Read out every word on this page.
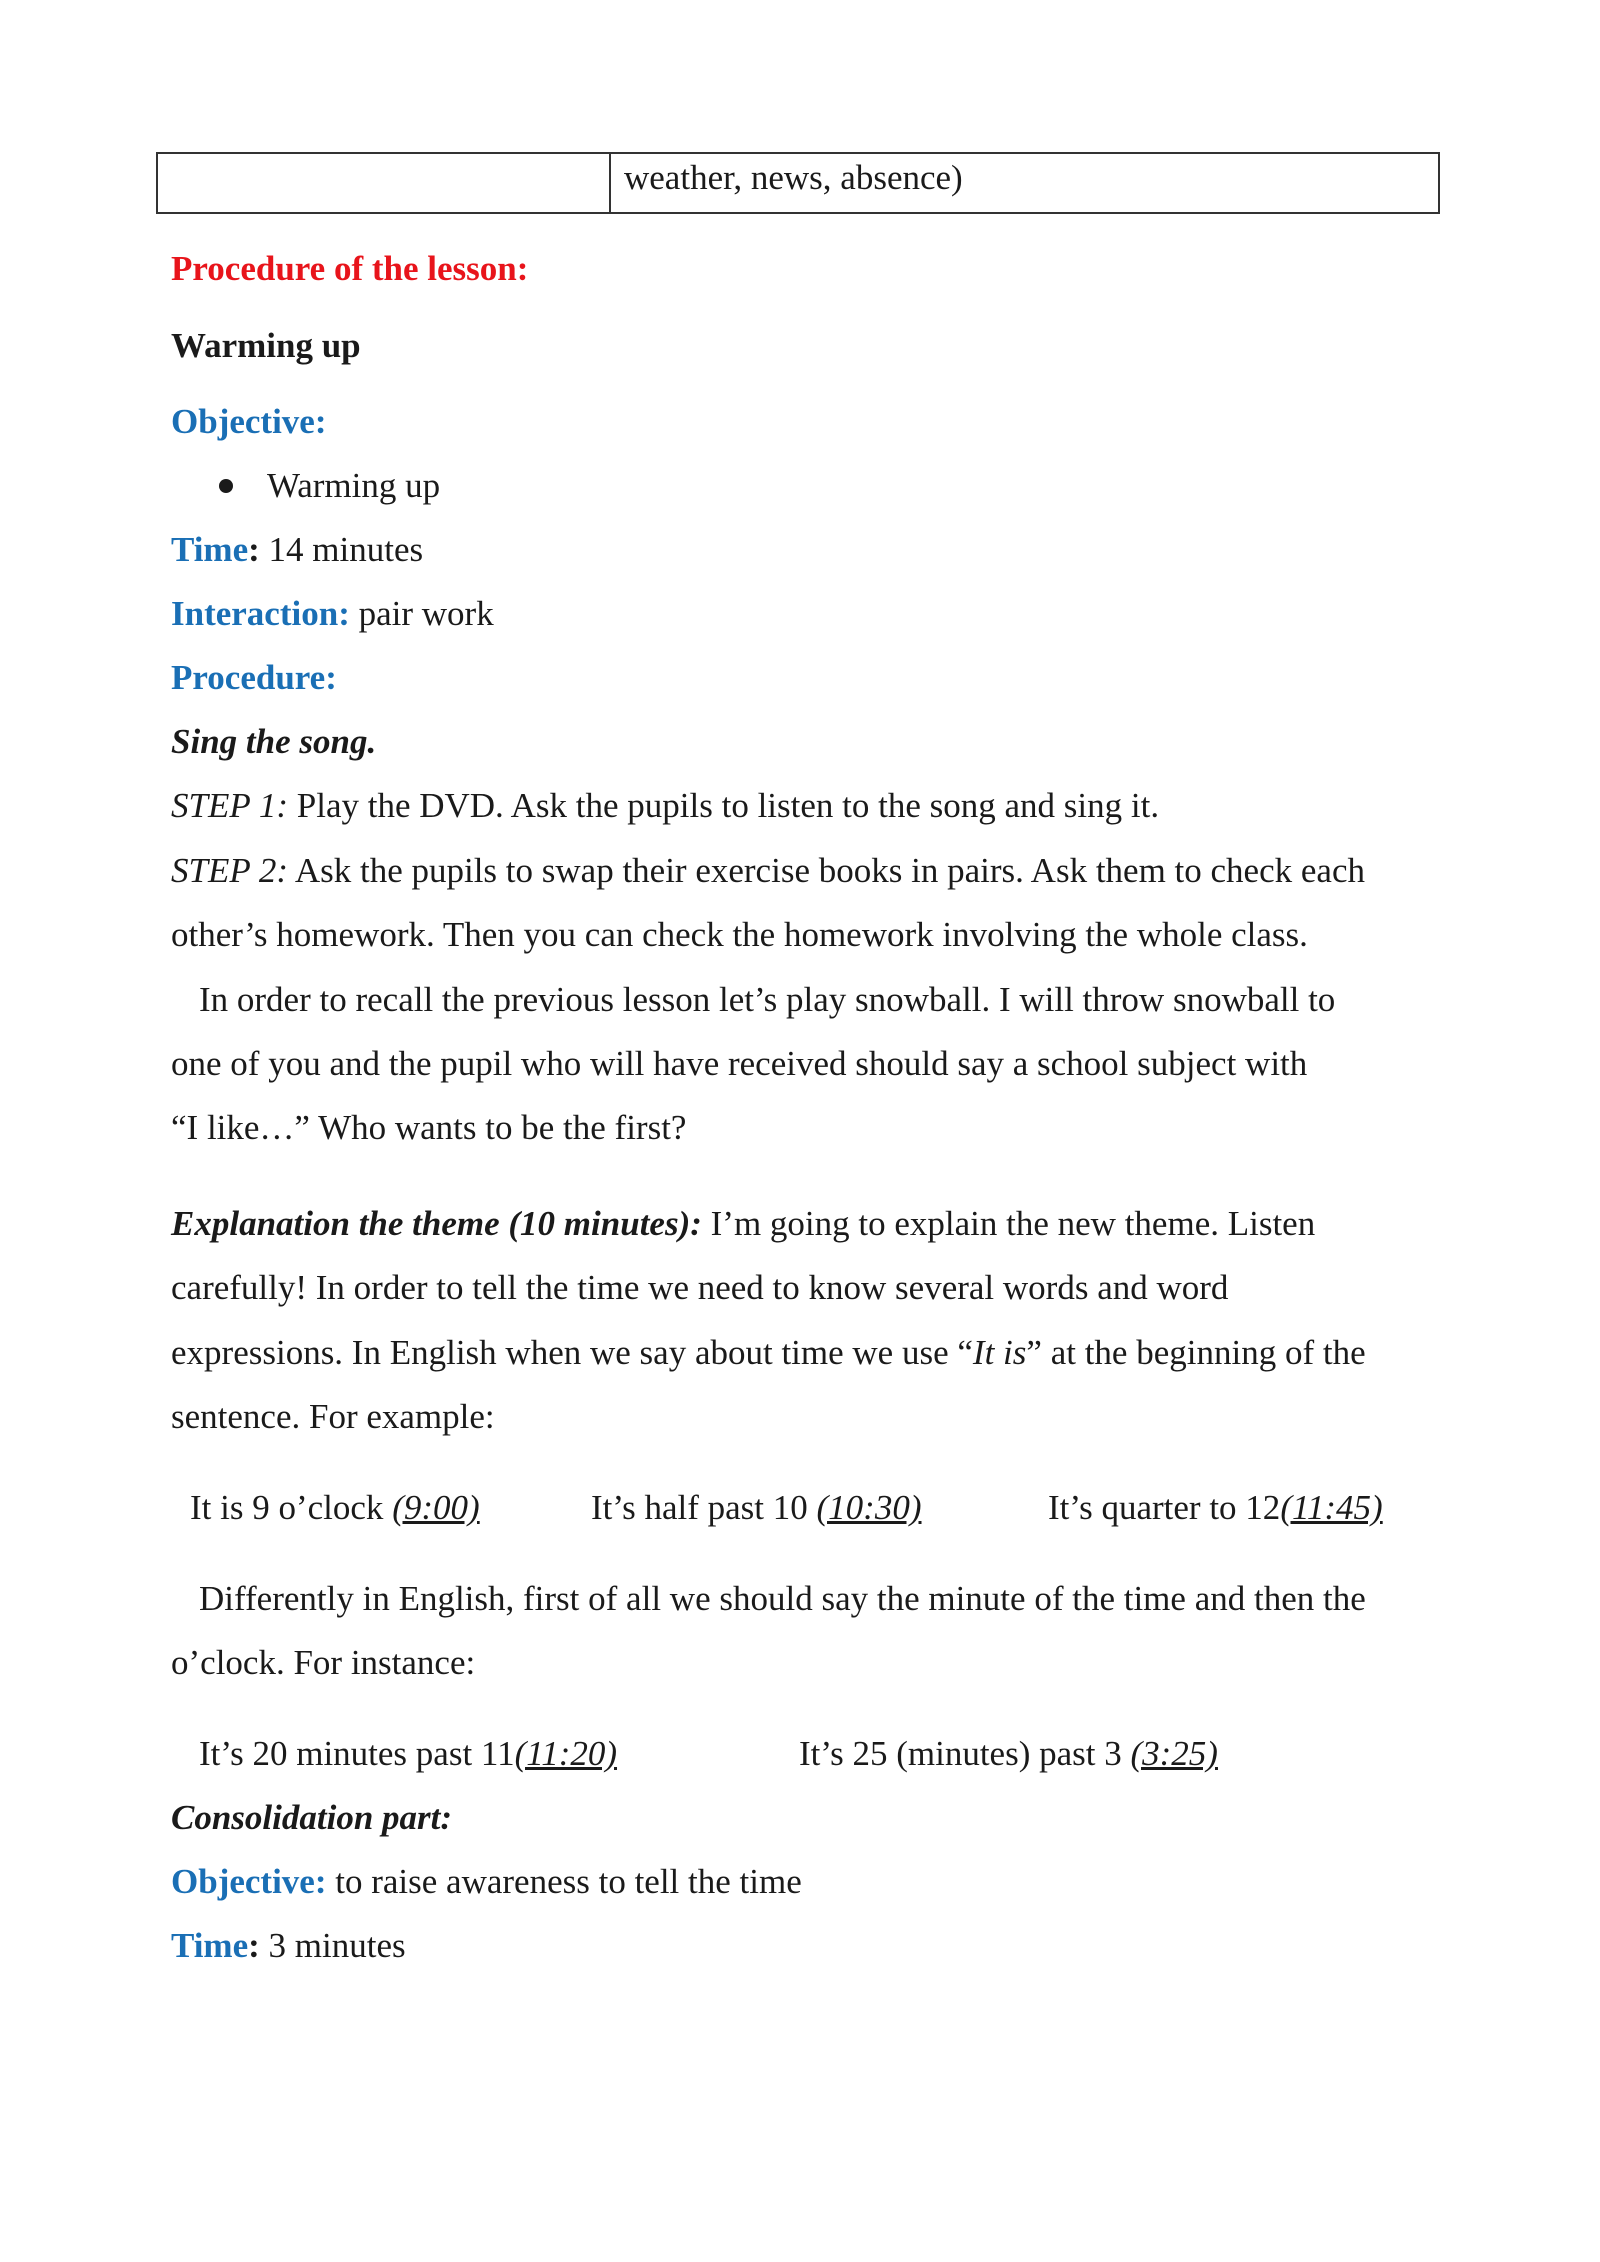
weather, news, absence)
Procedure of the lesson:
Warming up
Objective:
Warming up
Time: 14 minutes
Interaction: pair work
Procedure:
Sing the song.
STEP 1: Play the DVD. Ask the pupils to listen to the song and sing it.
STEP 2: Ask the pupils to swap their exercise books in pairs. Ask them to check each
other’s homework. Then you can check the homework involving the whole class.
In order to recall the previous lesson let’s play snowball. I will throw snowball to
one of you and the pupil who will have received should say a school subject with
“I like…” Who wants to be the first?
Explanation the theme (10 minutes): I’m going to explain the new theme. Listen
carefully! In order to tell the time we need to know several words and word
expressions. In English when we say about time we use “It is” at the beginning of the
sentence. For example:
It is 9 o’clock (9:00)	It’s half past 10 (10:30)	It’s quarter to 12(11:45)
Differently in English, first of all we should say the minute of the time and then the
o’clock. For instance:
It’s 20 minutes past 11(11:20)	It’s 25 (minutes) past 3 (3:25)
Consolidation part:
Objective: to raise awareness to tell the time
Time: 3 minutes
